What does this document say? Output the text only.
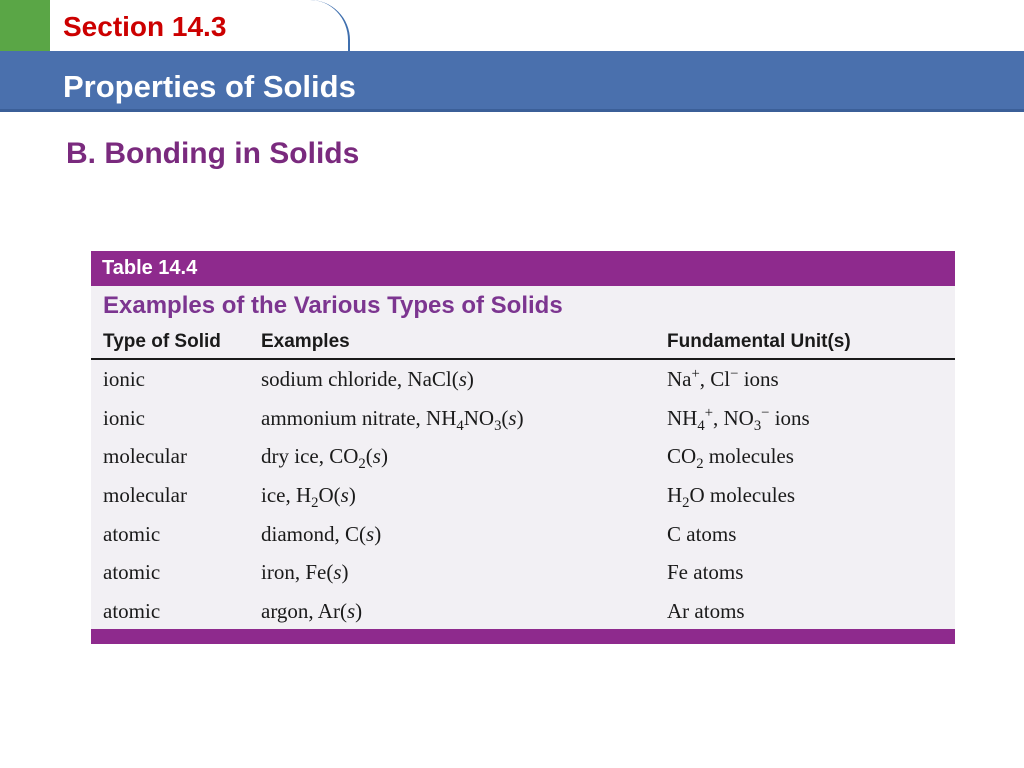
Section 14.3
Properties of Solids
B. Bonding in Solids
Table 14.4
Examples of the Various Types of Solids
Type of Solid	Examples	Fundamental Unit(s)
ionic	sodium chloride, NaCl(s)	Na+, Cl− ions
ionic	ammonium nitrate, $NH_4NO_3(s)$	$NH_4^+$, $NO_3^-$ ions
molecular	dry ice, $CO_2(s)$	$CO_2$ molecules
molecular	ice, $H_2O(s)$	$H_2O$ molecules
atomic	diamond, C(s)	C atoms
atomic	iron, Fe(s)	Fe atoms
atomic	argon, Ar(s)	Ar atoms
